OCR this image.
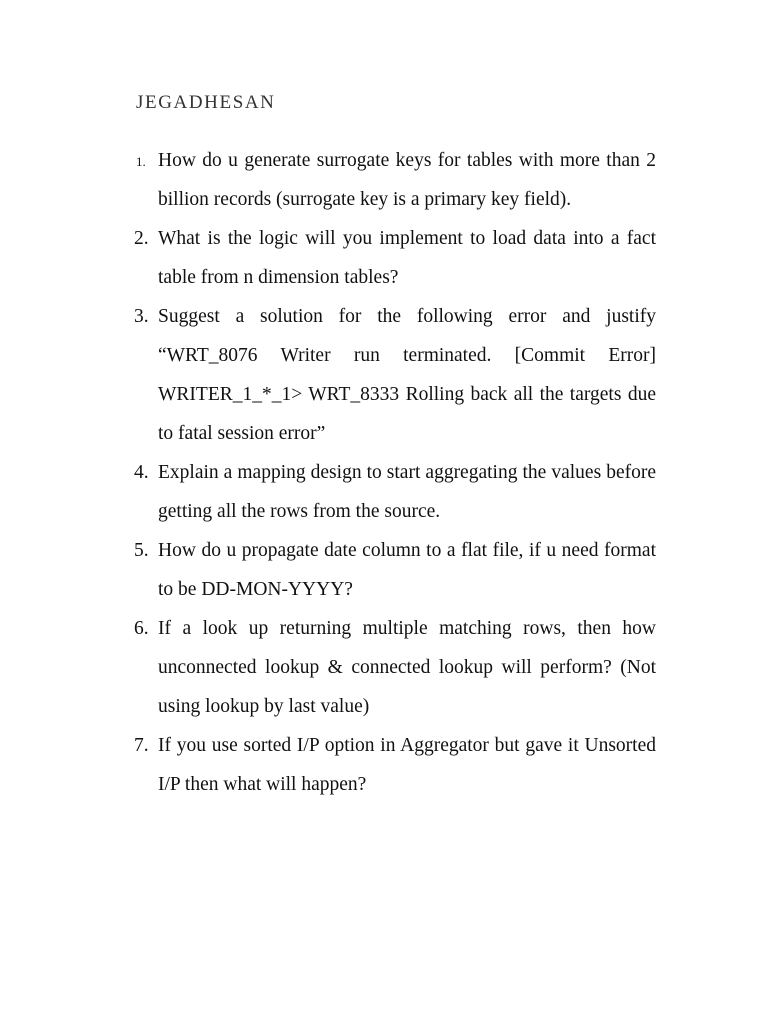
JEGADHESAN
1. How do u generate surrogate keys for tables with more than 2 billion records (surrogate key is a primary key field).
2. What is the logic will you implement to load data into a fact table from n dimension tables?
3. Suggest a solution for the following error and justify “WRT_8076 Writer run terminated. [Commit Error] WRITER_1_*_1> WRT_8333 Rolling back all the targets due to fatal session error”
4. Explain a mapping design to start aggregating the values before getting all the rows from the source.
5. How do u propagate date column to a flat file, if u need format to be DD-MON-YYYY?
6. If a look up returning multiple matching rows, then how unconnected lookup & connected lookup will perform? (Not using lookup by last value)
7. If you use sorted I/P option in Aggregator but gave it Unsorted I/P then what will happen?
